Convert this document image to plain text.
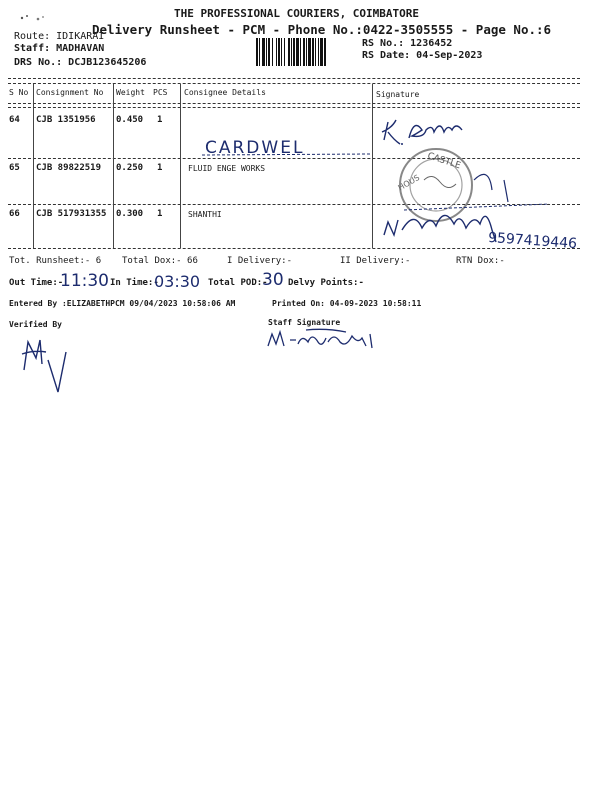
THE PROFESSIONAL COURIERS, COIMBATORE
Delivery Runsheet - PCM - Phone No.:0422-3505555 - Page No.:6
Route: IDIKARAI
Staff: MADHAVAN
DRS No.: DCJB123645206
RS No.: 1236452
RS Date: 04-Sep-2023
S No Consignment No Weight PCS Consignee Details	Signature
64 CJB 1351956 0.450 1
65 CJB 89822519 0.250 1	FLUID ENGE WORKS
66 CJB 517931355 0.300 1	SHANTHI
CARDWEL
CASTLE
HOUS
9597419446
Tot. Runsheet:- 6 Total Dox:- 66	I Delivery:-	II Delivery:-	RTN Dox:-
Out Time:-
11:30 In Time:-
03:30 Total POD:-
30 Delvy Points:-
Entered By :ELIZABETHPCM 09/04/2023 10:58:06 AM	Printed On: 04-09-2023 10:58:11
Verified By	Staff Signature
